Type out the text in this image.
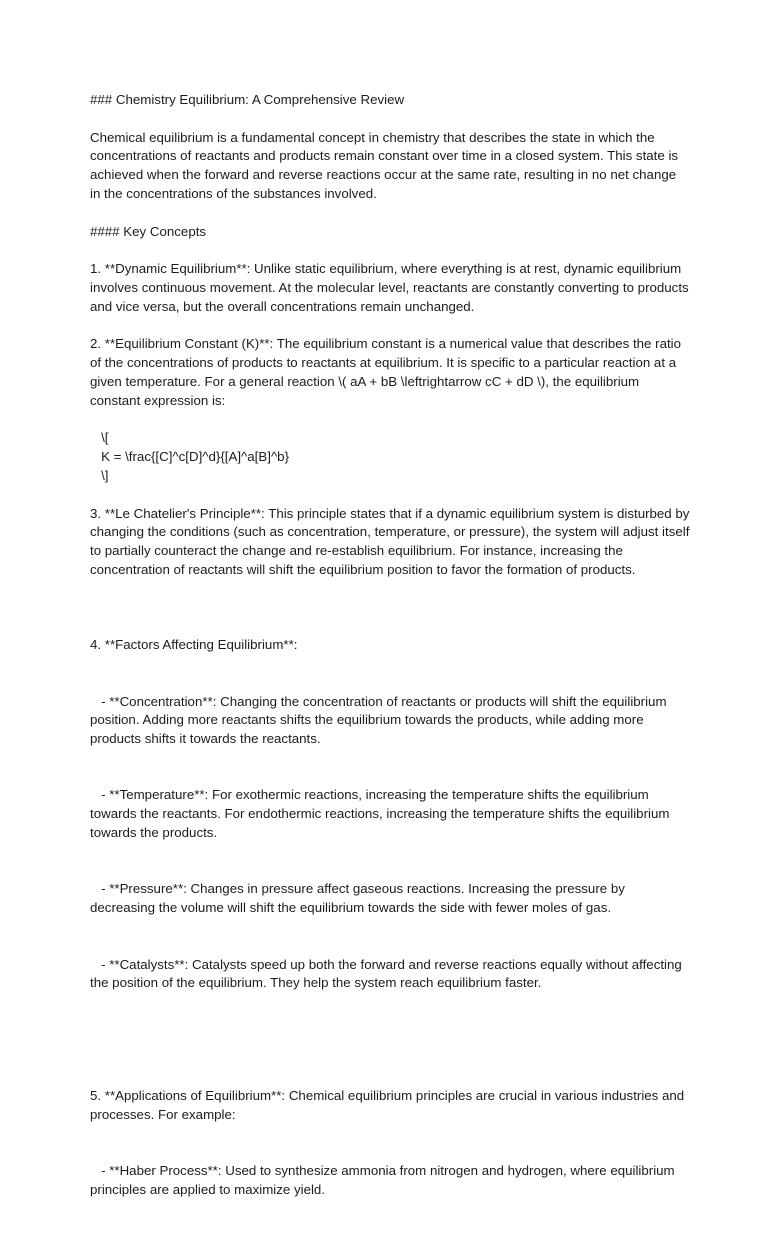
### Chemistry Equilibrium: A Comprehensive Review
Chemical equilibrium is a fundamental concept in chemistry that describes the state in which the concentrations of reactants and products remain constant over time in a closed system. This state is achieved when the forward and reverse reactions occur at the same rate, resulting in no net change in the concentrations of the substances involved.
#### Key Concepts
1. **Dynamic Equilibrium**: Unlike static equilibrium, where everything is at rest, dynamic equilibrium involves continuous movement. At the molecular level, reactants are constantly converting to products and vice versa, but the overall concentrations remain unchanged.
2. **Equilibrium Constant (K)**: The equilibrium constant is a numerical value that describes the ratio of the concentrations of products to reactants at equilibrium. It is specific to a particular reaction at a given temperature. For a general reaction \( aA + bB \leftrightarrow cC + dD \), the equilibrium constant expression is:
\[
K = \frac{[C]^c[D]^d}{[A]^a[B]^b}
\]
3. **Le Chatelier's Principle**: This principle states that if a dynamic equilibrium system is disturbed by changing the conditions (such as concentration, temperature, or pressure), the system will adjust itself to partially counteract the change and re-establish equilibrium. For instance, increasing the concentration of reactants will shift the equilibrium position to favor the formation of products.

4. **Factors Affecting Equilibrium**:

- **Concentration**: Changing the concentration of reactants or products will shift the equilibrium position. Adding more reactants shifts the equilibrium towards the products, while adding more products shifts it towards the reactants.

- **Temperature**: For exothermic reactions, increasing the temperature shifts the equilibrium towards the reactants. For endothermic reactions, increasing the temperature shifts the equilibrium towards the products.

- **Pressure**: Changes in pressure affect gaseous reactions. Increasing the pressure by decreasing the volume will shift the equilibrium towards the side with fewer moles of gas.

- **Catalysts**: Catalysts speed up both the forward and reverse reactions equally without affecting the position of the equilibrium. They help the system reach equilibrium faster.

5. **Applications of Equilibrium**: Chemical equilibrium principles are crucial in various industries and processes. For example:

- **Haber Process**: Used to synthesize ammonia from nitrogen and hydrogen, where equilibrium principles are applied to maximize yield.
